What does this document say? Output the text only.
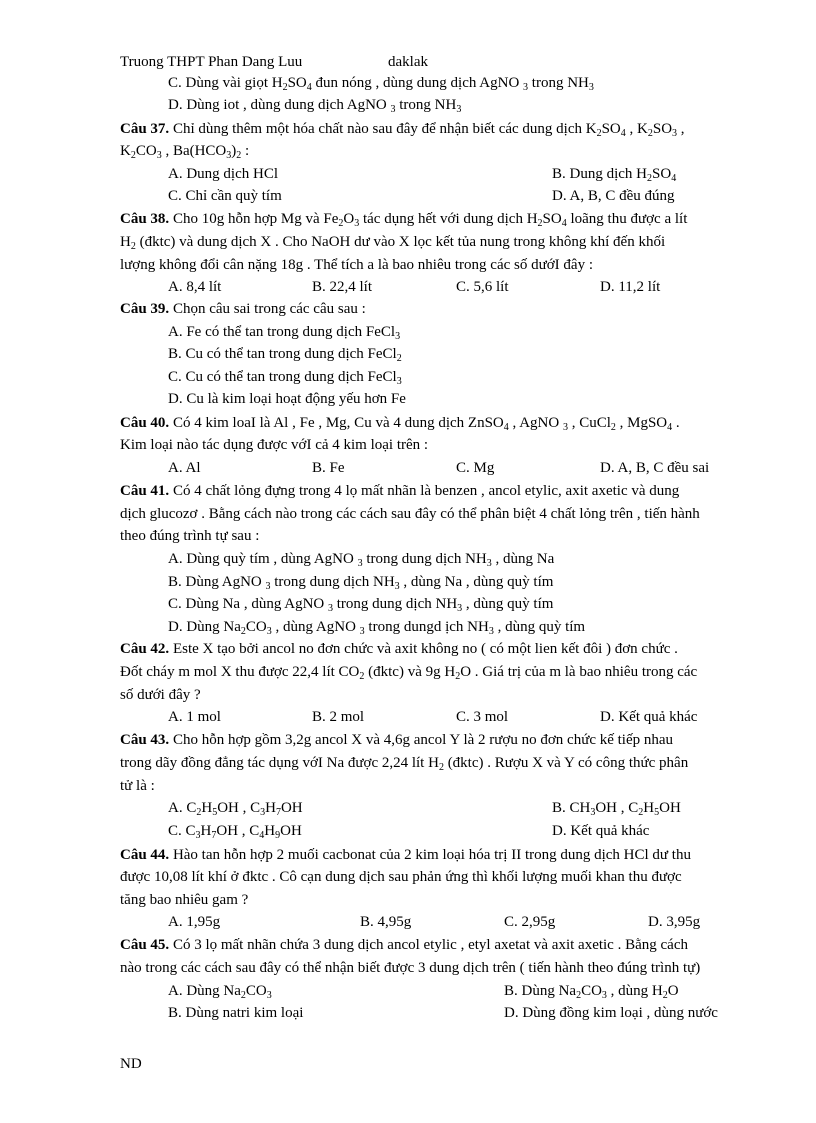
Truong THPT Phan Dang Luu	daklak
C. Dùng vài giọt $H_2SO_4$ đun nóng , dùng dung dịch AgNO $_3$ trong $NH_3$
D. Dùng iot , dùng dung dịch AgNO $_3$ trong $NH_3$
Câu 37. Chỉ dùng thêm một hóa chất nào sau đây để nhận biết các dung dịch $K_2SO_4$ , $K_2SO_3$ ,
$K_2CO_3$ , $Ba(HCO_3)_2$ :
A. Dung dịch HCl	B. Dung dịch $H_2SO_4$
C. Chỉ cần quỳ tím	D. A, B, C đều đúng
Câu 38. Cho 10g hỗn hợp Mg và $Fe_2O_3$ tác dụng hết với dung dịch $H_2SO_4$ loãng thu được a lít
$H_2$ (đktc) và dung dịch X . Cho NaOH dư vào X lọc kết tủa nung trong không khí đến khối
lượng không đổi cân nặng 18g . Thể tích a là bao nhiêu trong các số dướI đây :
A. 8,4 lít	B. 22,4 lít	C. 5,6 lít	D. 11,2 lít
Câu 39. Chọn câu sai trong các câu sau :
A. Fe có thể tan trong dung dịch FeCl$_3$
B. Cu có thể tan trong dung dịch FeCl$_2$
C. Cu có thể tan trong dung dịch FeCl$_3$
D. Cu là kim loại hoạt động yếu hơn Fe
Câu 40. Có 4 kim loaI là Al , Fe , Mg, Cu và 4 dung dịch ZnSO$_4$ , AgNO $_3$ , CuCl$_2$ , MgSO$_4$ .
Kim loại nào tác dụng được vớI cả 4 kim loại trên :
A. Al	B. Fe	C. Mg	D. A, B, C đều sai
Câu 41. Có 4 chất lỏng đựng trong 4 lọ mất nhãn là benzen , ancol etylic, axit axetic và dung
dịch glucozơ . Bằng cách nào trong các cách sau đây có thể phân biệt 4 chất lỏng trên , tiến hành
theo đúng trình tự sau :
A. Dùng quỳ tím , dùng AgNO $_3$ trong dung dịch $NH_3$ , dùng Na
B. Dùng AgNO $_3$ trong dung dịch $NH_3$ , dùng Na , dùng quỳ tím
C. Dùng Na , dùng AgNO $_3$ trong dung dịch $NH_3$ , dùng quỳ tím
D. Dùng $Na_2CO_3$ , dùng AgNO $_3$ trong dungd ịch $NH_3$ , dùng quỳ tím
Câu 42. Este X tạo bởi ancol no đơn chức và axit không no ( có một lien kết đôi ) đơn chức .
Đốt cháy m mol X thu được 22,4 lít $CO_2$ (đktc) và 9g $H_2O$ . Giá trị của m là bao nhiêu trong các
số dưới đây ?
A. 1 mol	B. 2 mol	C. 3 mol	D. Kết quả khác
Câu 43. Cho hỗn hợp gồm 3,2g ancol X và 4,6g ancol Y là 2 rượu no đơn chức kế tiếp nhau
trong dãy đồng đẳng tác dụng vớI Na được 2,24 lít $H_2$ (đktc) . Rượu X và Y có công thức phân
tử là :
A. $C_2H_5OH$ , $C_3H_7OH$	B. $CH_3OH$ , $C_2H_5OH$
C. $C_3H_7OH$ , $C_4H_9OH$	D. Kết quả khác
Câu 44. Hào tan hỗn hợp 2 muối cacbonat của 2 kim loại hóa trị II trong dung dịch HCl dư thu
được 10,08 lít khí ở đktc . Cô cạn dung dịch sau phản ứng thì khối lượng muối khan thu được
tăng bao nhiêu gam ?
A. 1,95g	B. 4,95g	C. 2,95g	D. 3,95g
Câu 45. Có 3 lọ mất nhãn chứa 3 dung dịch ancol etylic , etyl axetat và axit axetic . Bằng cách
nào trong các cách sau đây có thể nhận biết được 3 dung dịch trên ( tiến hành theo đúng trình tự)
A. Dùng $Na_2CO_3$	B. Dùng $Na_2CO_3$ , dùng $H_2O$
B. Dùng natri kim loại	D. Dùng đồng kim loại , dùng nước
ND
